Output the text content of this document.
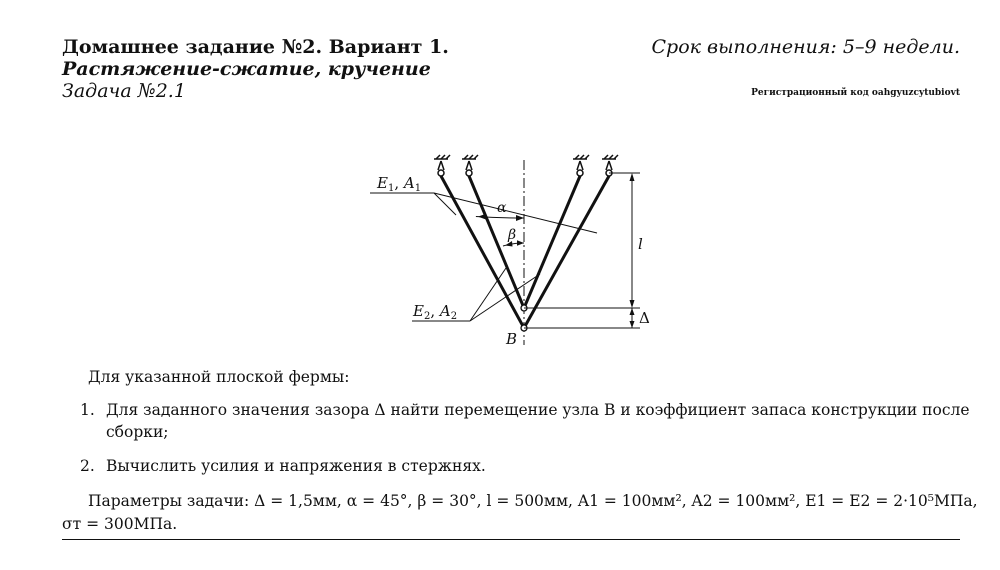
Домашнее задание №2. Вариант 1.
Растяжение-сжатие, кручение
Задача №2.1
Срок выполнения: 5–9 недели.
Регистрационный код oahgyuzcytubiovt
$E_1$, $A_1$
$E_2$, $A_2$
α
β	l
Δ
B
Для указанной плоской фермы:
1. Для заданного значения зазора Δ найти перемещение узла B и коэффициент запаса конструкции после
сборки;
2. Вычислить усилия и напряжения в стержнях.
Параметры задачи: Δ = 1,5мм, α = 45°, β = 30°, l = 500мм, A1 = 100мм², A2 = 100мм², E1 = E2 = 2·10⁵МПа,
σт = 300МПа.
